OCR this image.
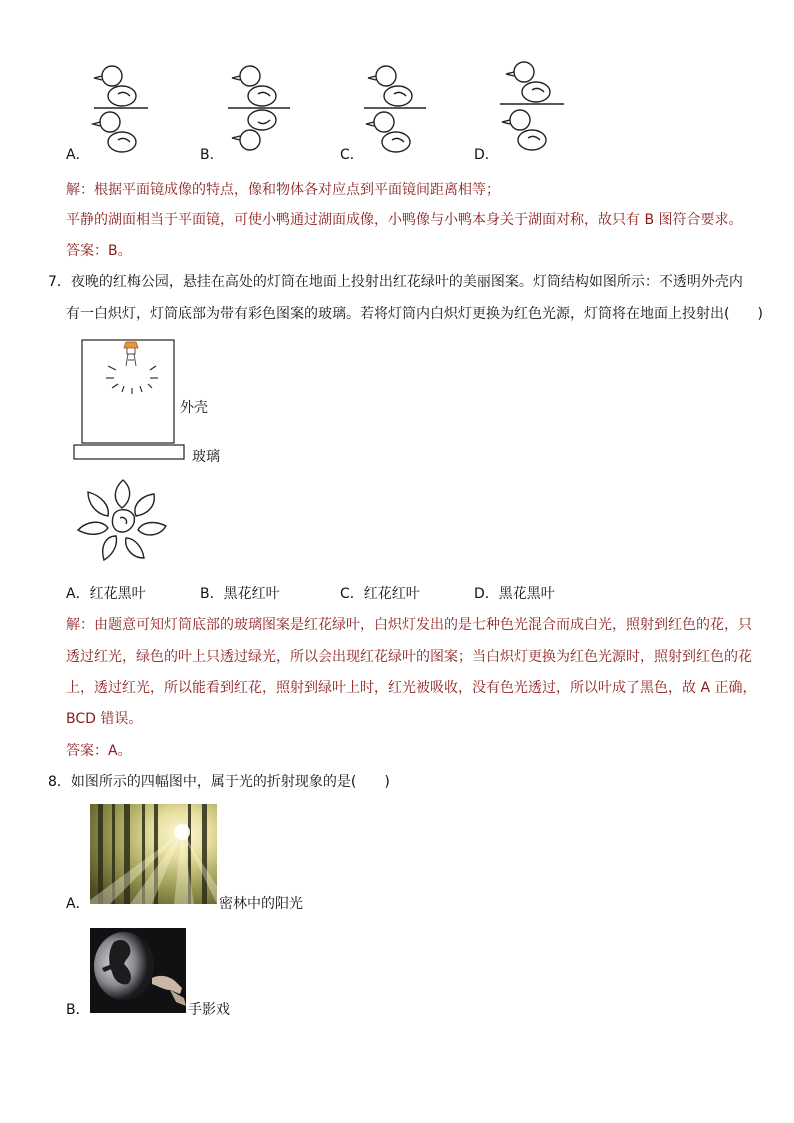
A．	B．	C．	D．
解：根据平面镜成像的特点，像和物体各对应点到平面镜间距离相等；
平静的湖面相当于平面镜，可使小鸭通过湖面成像，小鸭像与小鸭本身关于湖面对称，故只有 B 图符合要求。
答案：B。
7．夜晚的红梅公园，悬挂在高处的灯筒在地面上投射出红花绿叶的美丽图案。灯筒结构如图所示：不透明外壳内
有一白炽灯，灯筒底部为带有彩色图案的玻璃。若将灯筒内白炽灯更换为红色光源，灯筒将在地面上投射出(　　)
外壳
玻璃
A．红花黑叶	B．黑花红叶	C．红花红叶	D．黑花黑叶
解：由题意可知灯筒底部的玻璃图案是红花绿叶，白炽灯发出的是七种色光混合而成白光，照射到红色的花，只
透过红光，绿色的叶上只透过绿光，所以会出现红花绿叶的图案；当白炽灯更换为红色光源时，照射到红色的花
上，透过红光，所以能看到红花，照射到绿叶上时，红光被吸收，没有色光透过，所以叶成了黑色，故 A 正确，
BCD 错误。
答案：A。
8．如图所示的四幅图中，属于光的折射现象的是(　　)
A．	密林中的阳光
B．	手影戏
